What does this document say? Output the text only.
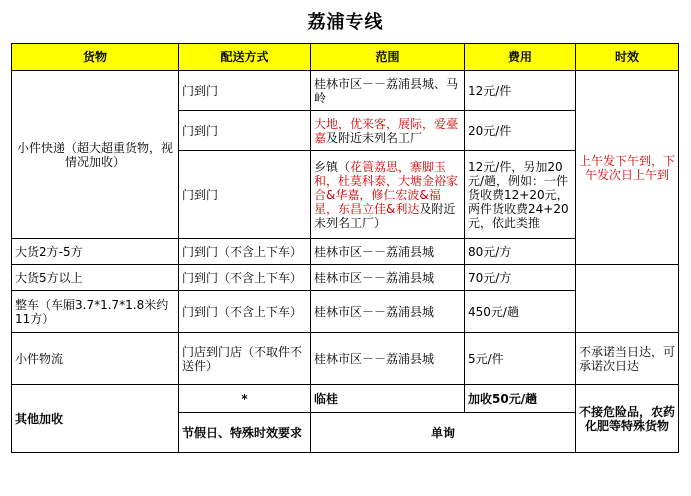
荔浦专线
货物	配送方式	范围	费用	时效
小件快递（超大超重货物，视情况加收）	门到门	桂林市区－－荔浦县城、马岭	12元/件	上午发下午到，下午发次日上午到
	门到门	大地，优来客，展际，爱臺嘉及附近未列名工厂	20元/件	
	门到门	乡镇（花篢荔思，寨脚玉和，杜莫科泰，大塘金裕家合&华嘉，修仁宏波&福星，东昌立佳&利达及附近未列名工厂）	12元/件，另加20元/趟，例如：一件货收费12+20元，两件货收费24+20元，依此类推	
大货2方-5方	门到门（不含上下车）	桂林市区－－荔浦县城	80元/方	
大货5方以上	门到门（不含上下车）	桂林市区－－荔浦县城	70元/方	
整车（车厢3.7*1.7*1.8米约11方）	门到门（不含上下车）	桂林市区－－荔浦县城	450元/趟	
小件物流	门店到门店（不取件不送件）	桂林市区－－荔浦县城	5元/件	不承诺当日达，可承诺次日达
其他加收	*	临桂	加收50元/趟	不接危险品，农药化肥等特殊货物
	节假日、特殊时效要求	单询		
